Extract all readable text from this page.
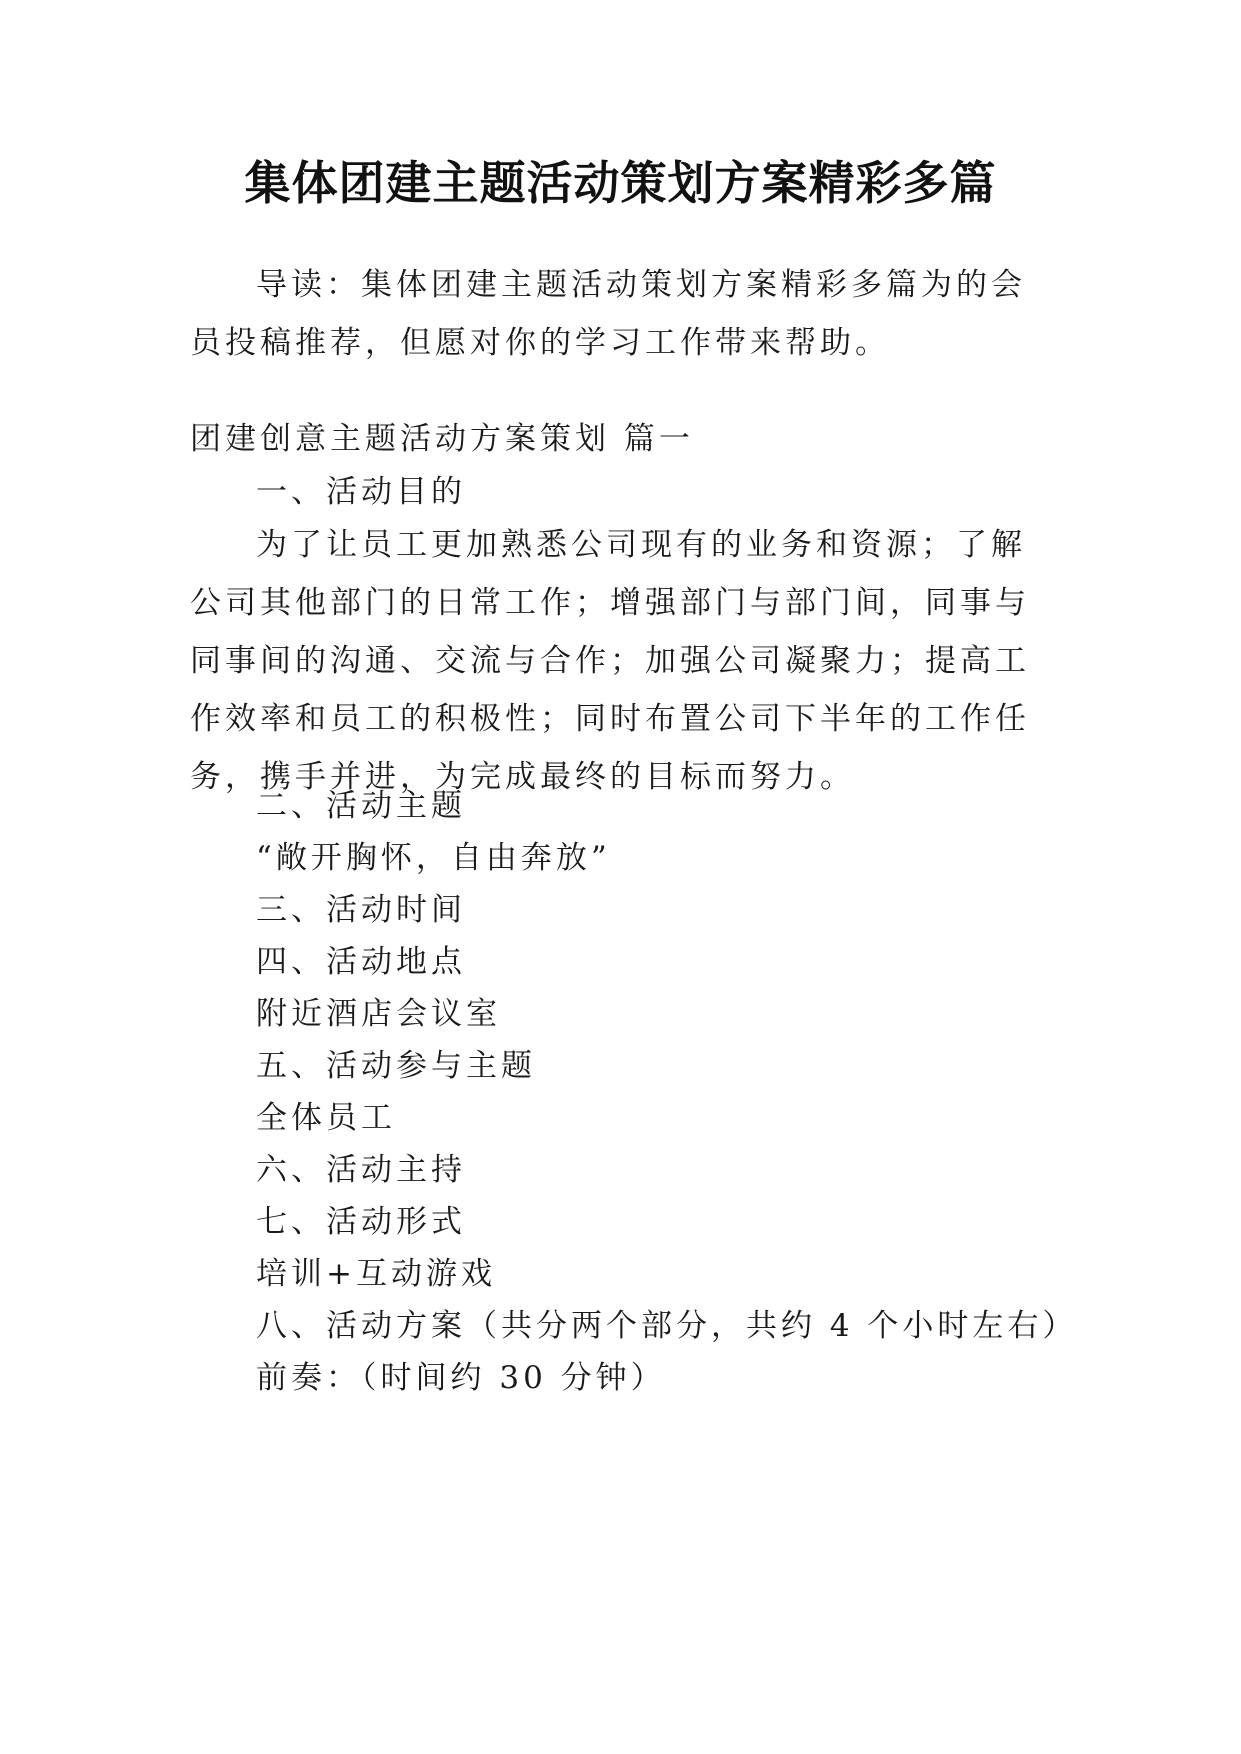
集体团建主题活动策划方案精彩多篇
导读：集体团建主题活动策划方案精彩多篇为的会员投稿推荐，但愿对你的学习工作带来帮助。
团建创意主题活动方案策划 篇一
一、活动目的
为了让员工更加熟悉公司现有的业务和资源；了解公司其他部门的日常工作；增强部门与部门间，同事与同事间的沟通、交流与合作；加强公司凝聚力；提高工作效率和员工的积极性；同时布置公司下半年的工作任务，携手并进，为完成最终的目标而努力。
二、活动主题
“敞开胸怀，自由奔放”
三、活动时间
四、活动地点
附近酒店会议室
五、活动参与主题
全体员工
六、活动主持
七、活动形式
培训+互动游戏
八、活动方案（共分两个部分，共约 4 个小时左右）
前奏：（时间约 30 分钟）
